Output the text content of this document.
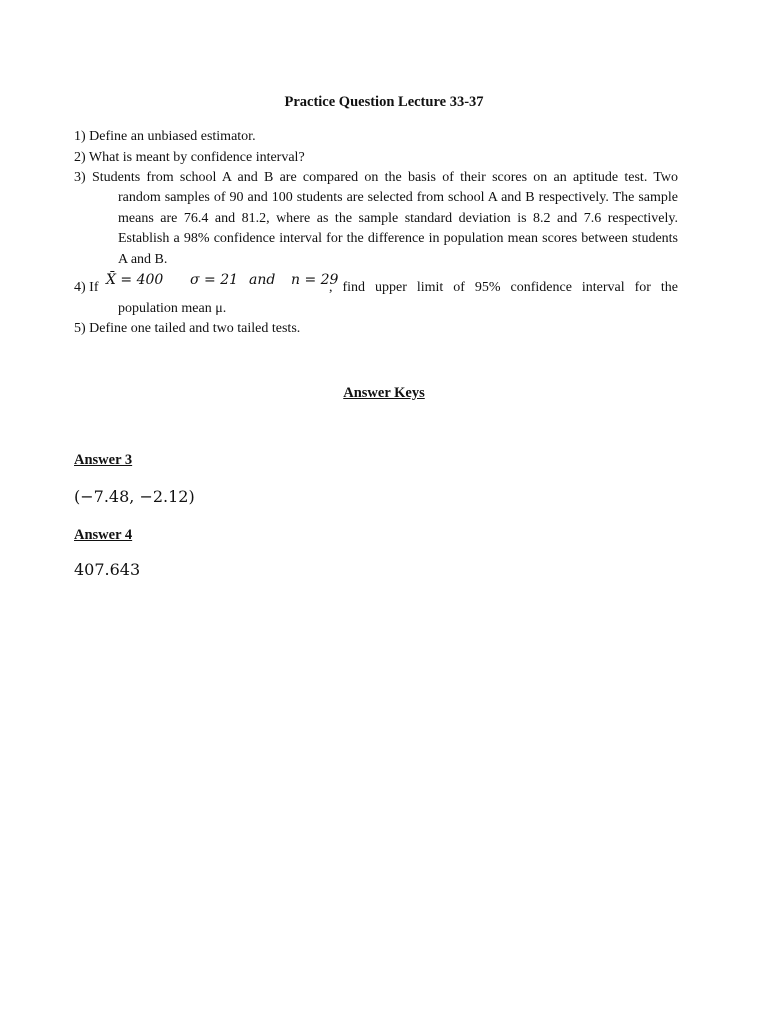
Practice Question Lecture 33-37
1) Define an unbiased estimator.
2) What is meant by confidence interval?
3) Students from school A and B are compared on the basis of their scores on an aptitude test. Two
random samples of 90 and 100 students are selected from school A and B respectively. The sample means are 76.4 and 81.2, where as the sample standard deviation is 8.2 and 7.6 respectively. Establish a 98% confidence interval for the difference in population mean scores between students A and B.
4) If X̄ = 400 σ = 21 and n = 29
, find upper limit of 95% confidence interval for the
population mean μ.
5) Define one tailed and two tailed tests.
Answer Keys
Answer 3
(−7.48, −2.12)
Answer 4
407.643
